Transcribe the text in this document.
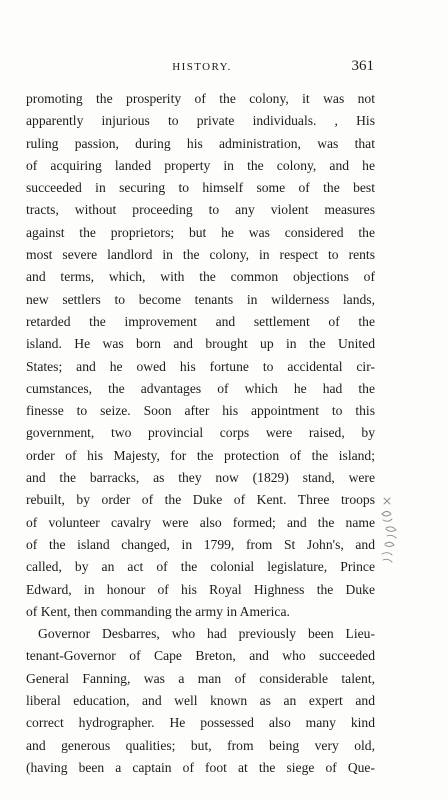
HISTORY.	361
promoting the prosperity of the colony, it was not
apparently injurious to private individuals. , His
ruling passion, during his administration, was that
of acquiring landed property in the colony, and he
succeeded in securing to himself some of the best
tracts, without proceeding to any violent measures
against the proprietors; but he was considered the
most severe landlord in the colony, in respect to rents
and terms, which, with the common objections of
new settlers to become tenants in wilderness lands,
retarded the improvement and settlement of the
island. He was born and brought up in the United
States; and he owed his fortune to accidental cir-
cumstances, the advantages of which he had the
finesse to seize. Soon after his appointment to this
government, two provincial corps were raised, by
order of his Majesty, for the protection of the island;
and the barracks, as they now (1829) stand, were
rebuilt, by order of the Duke of Kent. Three troops
of volunteer cavalry were also formed; and the name
of the island changed, in 1799, from St John's, and
called, by an act of the colonial legislature, Prince
Edward, in honour of his Royal Highness the Duke
of Kent, then commanding the army in America.
Governor Desbarres, who had previously been Lieu-
tenant-Governor of Cape Breton, and who succeeded
General Fanning, was a man of considerable talent,
liberal education, and well known as an expert and
correct hydrographer. He possessed also many kind
and generous qualities; but, from being very old,
(having been a captain of foot at the siege of Que-
